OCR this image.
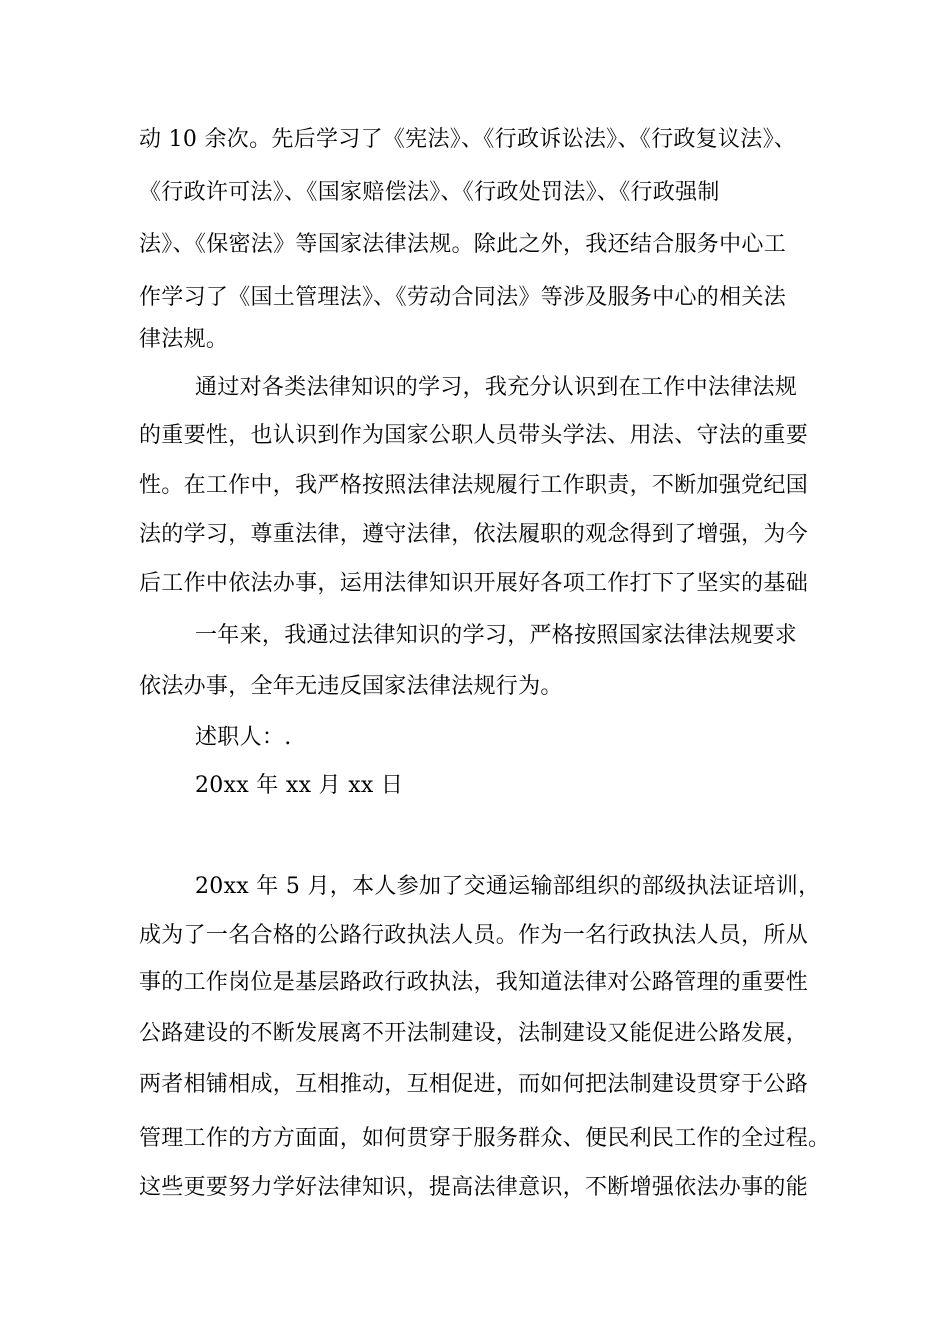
动 10 余次。先后学习了《宪法》、《行政诉讼法》、《行政复议法》、
《行政许可法》、《国家赔偿法》、《行政处罚法》、《行政强制
法》、《保密法》等国家法律法规。除此之外，我还结合服务中心工
作学习了《国土管理法》、《劳动合同法》等涉及服务中心的相关法
律法规。
通过对各类法律知识的学习，我充分认识到在工作中法律法规
的重要性，也认识到作为国家公职人员带头学法、用法、守法的重要
性。在工作中，我严格按照法律法规履行工作职责，不断加强党纪国
法的学习，尊重法律，遵守法律，依法履职的观念得到了增强，为今
后工作中依法办事，运用法律知识开展好各项工作打下了坚实的基础
一年来，我通过法律知识的学习，严格按照国家法律法规要求
依法办事，全年无违反国家法律法规行为。
述职人：.
20xx 年 xx 月 xx 日
20xx 年 5 月，本人参加了交通运输部组织的部级执法证培训，
成为了一名合格的公路行政执法人员。作为一名行政执法人员，所从
事的工作岗位是基层路政行政执法，我知道法律对公路管理的重要性
公路建设的不断发展离不开法制建设，法制建设又能促进公路发展，
两者相铺相成，互相推动，互相促进，而如何把法制建设贯穿于公路
管理工作的方方面面，如何贯穿于服务群众、便民利民工作的全过程。
这些更要努力学好法律知识，提高法律意识，不断增强依法办事的能
